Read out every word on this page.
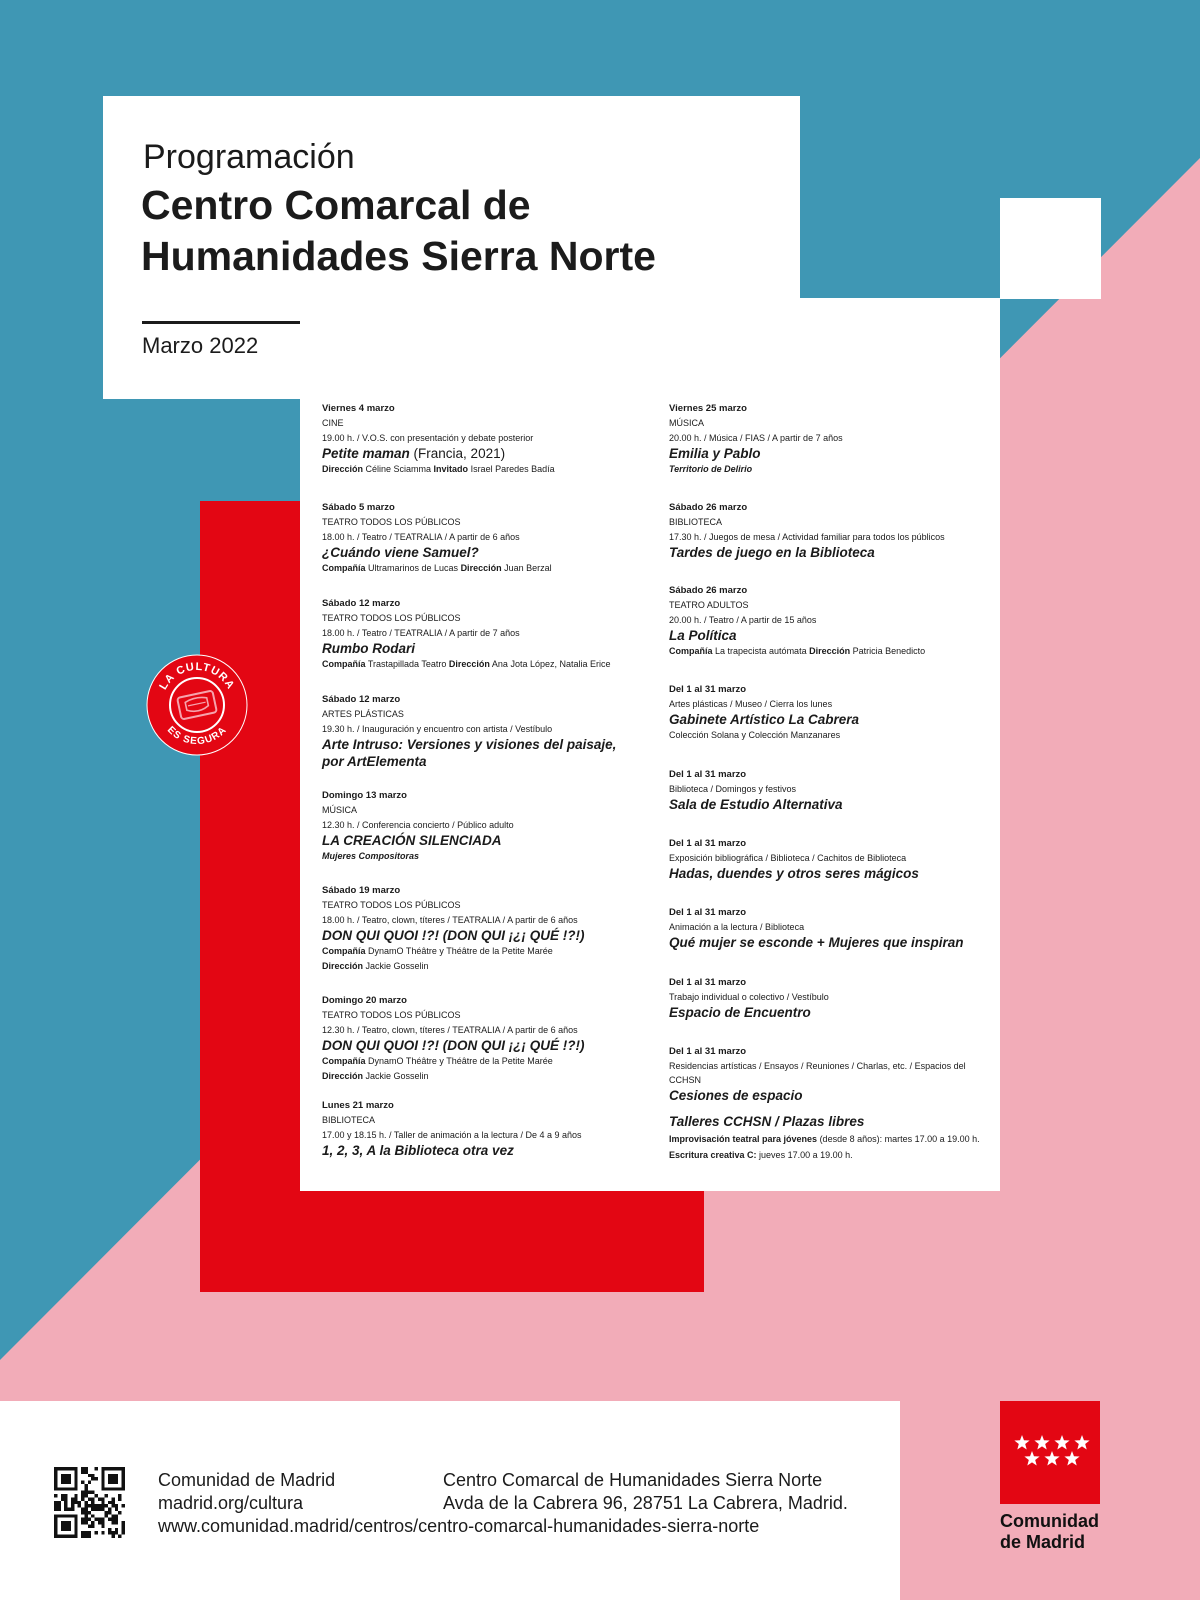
Programación
Centro Comarcal de
Humanidades Sierra Norte
Marzo 2022
Viernes 4 marzo
CINE
19.00 h. / V.O.S. con presentación y debate posterior
Petite maman (Francia, 2021)
Dirección Céline Sciamma Invitado Israel Paredes Badía
Sábado 5 marzo
TEATRO TODOS LOS PÚBLICOS
18.00 h. / Teatro / TEATRALIA / A partir de 6 años
¿Cuándo viene Samuel?
Compañía Ultramarinos de Lucas Dirección Juan Berzal
Sábado 12 marzo
TEATRO TODOS LOS PÚBLICOS
18.00 h. / Teatro / TEATRALIA / A partir de 7 años
Rumbo Rodari
Compañía Trastapillada Teatro Dirección Ana Jota López, Natalia Erice
Sábado 12 marzo
ARTES PLÁSTICAS
19.30 h. / Inauguración y encuentro con artista / Vestíbulo
Arte Intruso: Versiones y visiones del paisaje,
por ArtElementa
Domingo 13 marzo
MÚSICA
12.30 h. / Conferencia concierto / Público adulto
LA CREACIÓN SILENCIADA
Mujeres Compositoras
Sábado 19 marzo
TEATRO TODOS LOS PÚBLICOS
18.00 h. / Teatro, clown, títeres / TEATRALIA / A partir de 6 años
DON QUI QUOI !?! (DON QUI ¡¿¡ QUÉ !?!)
Compañía DynamO Théâtre y Théâtre de la Petite Marée
Dirección Jackie Gosselin
Domingo 20 marzo
TEATRO TODOS LOS PÚBLICOS
12.30 h. / Teatro, clown, títeres / TEATRALIA / A partir de 6 años
DON QUI QUOI !?! (DON QUI ¡¿¡ QUÉ !?!)
Compañía DynamO Théâtre y Théâtre de la Petite Marée
Dirección Jackie Gosselin
Lunes 21 marzo
BIBLIOTECA
17.00 y 18.15 h. / Taller de animación a la lectura / De 4 a 9 años
1, 2, 3, A la Biblioteca otra vez
Viernes 25 marzo
MÚSICA
20.00 h. / Música / FIAS / A partir de 7 años
Emilia y Pablo
Territorio de Delirio
Sábado 26 marzo
BIBLIOTECA
17.30 h. / Juegos de mesa / Actividad familiar para todos los públicos
Tardes de juego en la Biblioteca
Sábado 26 marzo
TEATRO ADULTOS
20.00 h. / Teatro / A partir de 15 años
La Política
Compañía La trapecista autómata Dirección Patricia Benedicto
Del 1 al 31 marzo
Artes plásticas / Museo / Cierra los lunes
Gabinete Artístico La Cabrera
Colección Solana y Colección Manzanares
Del 1 al 31 marzo
Biblioteca / Domingos y festivos
Sala de Estudio Alternativa
Del 1 al 31 marzo
Exposición bibliográfica / Biblioteca / Cachitos de Biblioteca
Hadas, duendes y otros seres mágicos
Del 1 al 31 marzo
Animación a la lectura / Biblioteca
Qué mujer se esconde + Mujeres que inspiran
Del 1 al 31 marzo
Trabajo individual o colectivo / Vestíbulo
Espacio de Encuentro
Del 1 al 31 marzo
Residencias artísticas / Ensayos / Reuniones / Charlas, etc. / Espacios del CCHSN
Cesiones de espacio
Talleres CCHSN / Plazas libres
Improvisación teatral para jóvenes (desde 8 años): martes 17.00 a 19.00 h.
Escritura creativa C: jueves 17.00 a 19.00 h.
LA CULTURA
ES SEGURA
Comunidad de Madrid
madrid.org/cultura
www.comunidad.madrid/centros/centro-comarcal-humanidades-sierra-norte
Centro Comarcal de Humanidades Sierra Norte
Avda de la Cabrera 96, 28751 La Cabrera, Madrid.
Comunidad
de Madrid
